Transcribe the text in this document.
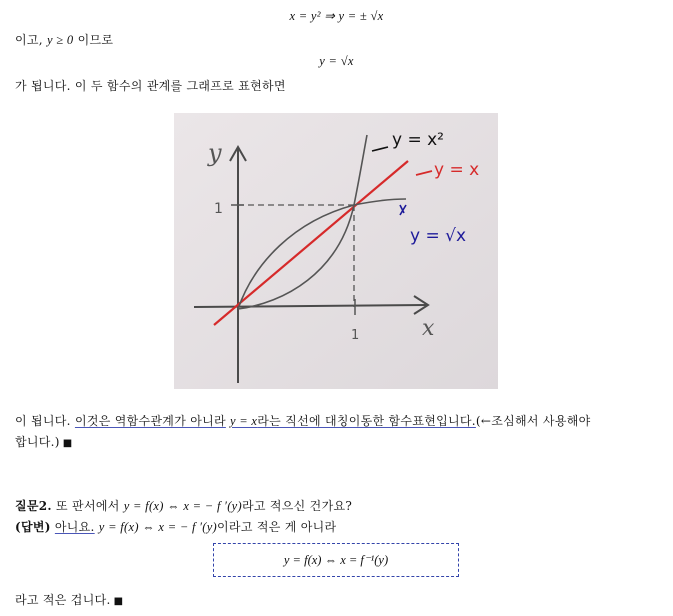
x = y² ⇒ y = ± √x
이고, y ≥ 0 이므로
y = √x
가 됩니다. 이 두 함수의 관계를 그래프로 표현하면
y
x
1
1
y = x²
y = x
y = √x
이 됩니다. 이것은 역함수관계가 아니라 y = x라는 직선에 대칭이동한 함수표현입니다.(←조심해서 사용해야
합니다.) ■
질문2. 또 판서에서 y = f(x) ⇔ x = − f ′(y)라고 적으신 건가요?
(답변) 아니요. y = f(x) ⇔ x = − f ′(y)이라고 적은 게 아니라
y = f(x) ⇔ x = f⁻¹(y)
라고 적은 겁니다. ■
